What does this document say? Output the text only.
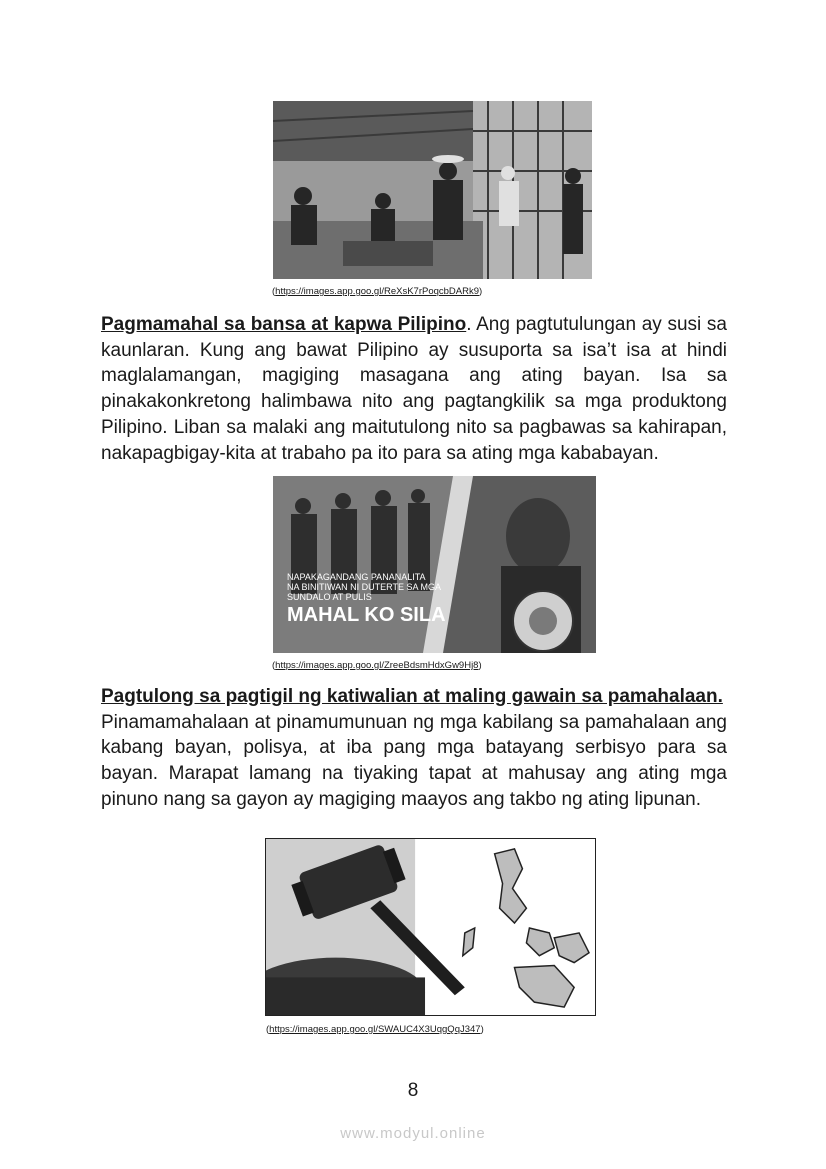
(https://images.app.goo.gl/ReXsK7rPoqcbDARk9)

Pagmamahal sa bansa at kapwa Pilipino. Ang pagtutulungan ay susi sa kaunlaran. Kung ang bawat Pilipino ay susuporta sa isa’t isa at hindi maglalamangan, magiging masagana ang ating bayan. Isa sa pinakakonkretong halimbawa nito ang pagtangkilik sa mga produktong Pilipino. Liban sa malaki ang maitutulong nito sa pagbawas sa kahirapan, nakapagbigay-kita at trabaho pa ito para sa ating mga kababayan.

NAPAKAGANDANG PANANALITA
NA BINITIWAN NI DUTERTE SA MGA
SUNDALO AT PULIS
MAHAL KO SILA
(https://images.app.goo.gl/ZreeBdsmHdxGw9Hj8)

Pagtulong sa pagtigil ng katiwalian at maling gawain sa pamahalaan.
Pinamamahalaan at pinamumunuan ng mga kabilang sa pamahalaan ang kabang bayan, polisya, at iba pang mga batayang serbisyo para sa bayan. Marapat lamang na tiyaking tapat at mahusay ang ating mga pinuno nang sa gayon ay magiging maayos ang takbo ng ating lipunan.

(https://images.app.goo.gl/SWAUC4X3UqgQqJ347)
8
www.modyul.online
